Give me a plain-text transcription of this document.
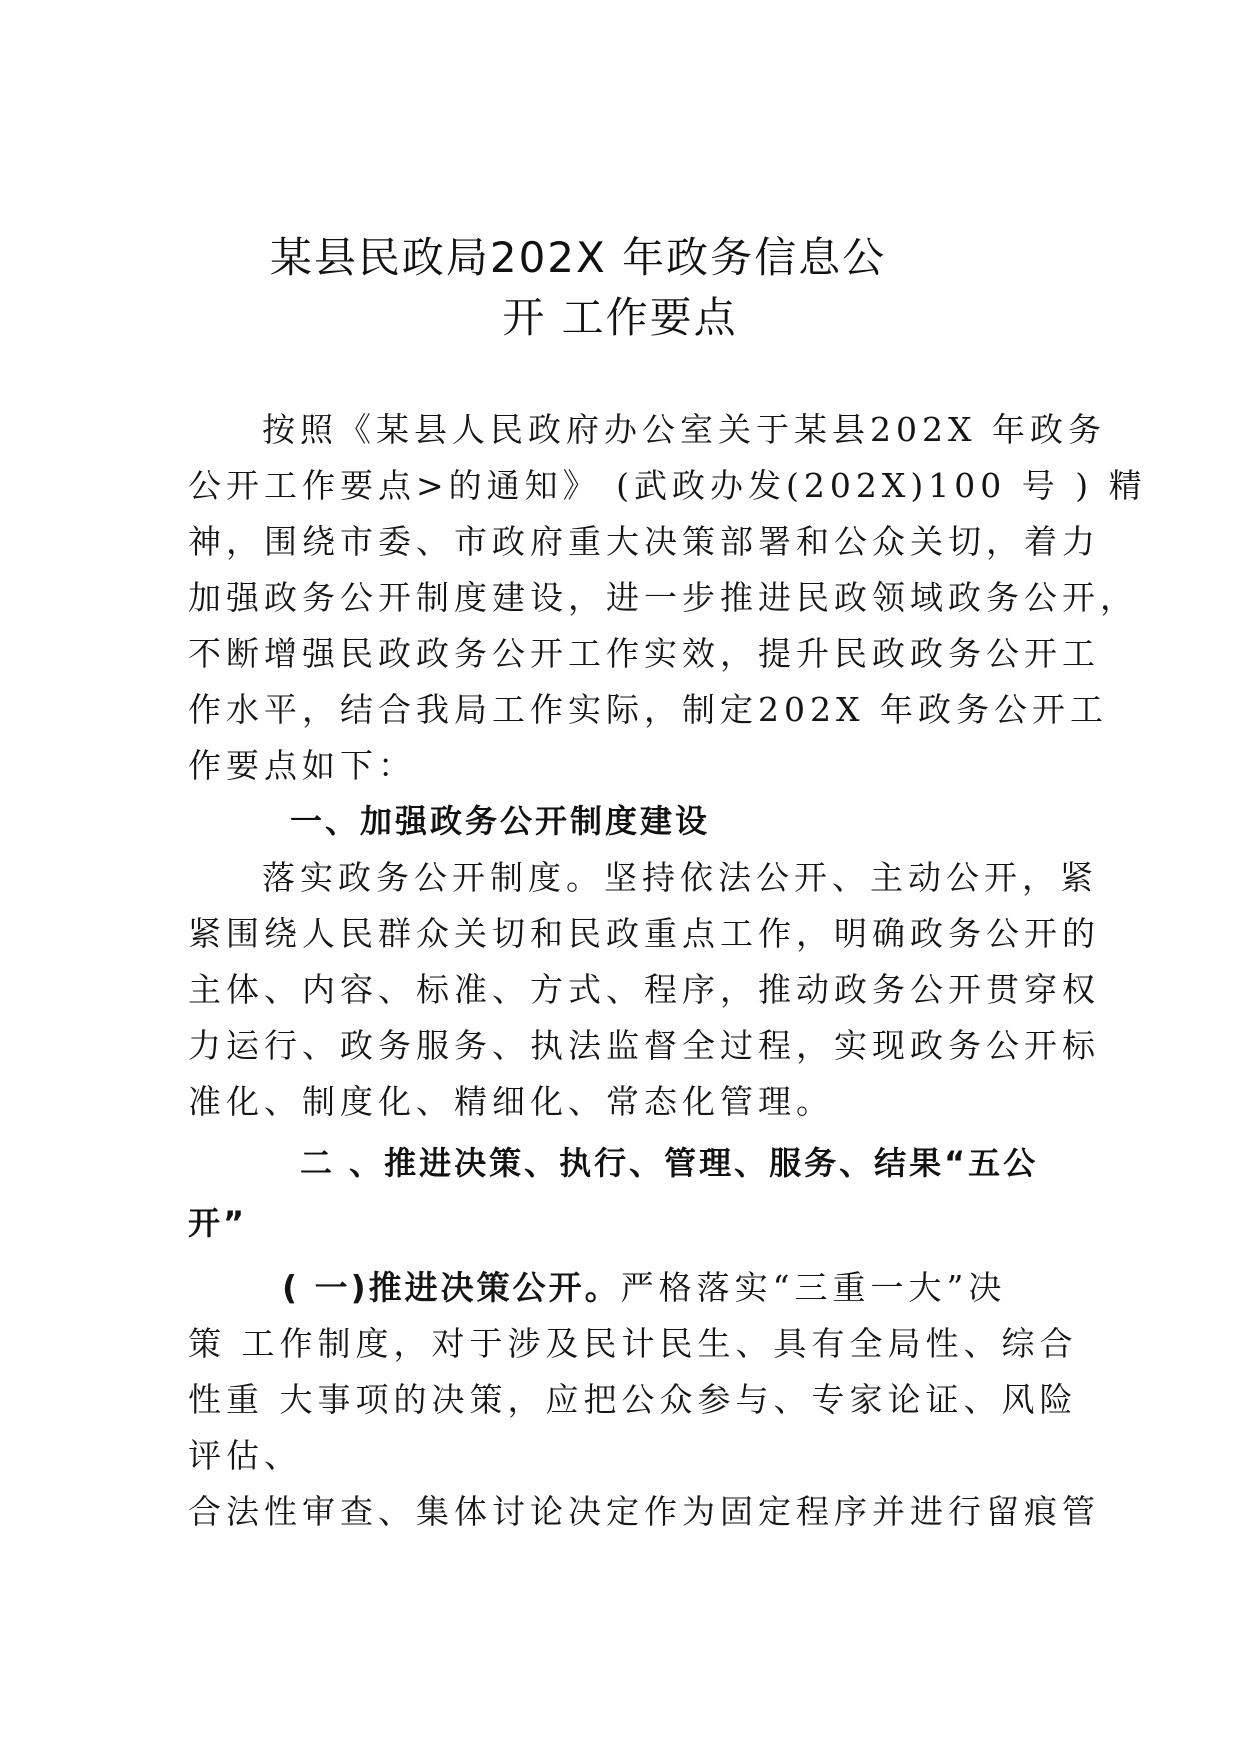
某县民政局202X 年政务信息公
开 工作要点

按照《某县人民政府办公室关于某县202X 年政务

公开工作要点>的通知》 (武政办发(202X)100 号 ) 精

神，围绕市委、市政府重大决策部署和公众关切，着力

加强政务公开制度建设，进一步推进民政领域政务公开，

不断增强民政政务公开工作实效，提升民政政务公开工

作水平，结合我局工作实际，制定202X 年政务公开工

作要点如下：

一、加强政务公开制度建设

落实政务公开制度。坚持依法公开、主动公开，紧

紧围绕人民群众关切和民政重点工作，明确政务公开的

主体、内容、标准、方式、程序，推动政务公开贯穿权

力运行、政务服务、执法监督全过程，实现政务公开标

准化、制度化、精细化、常态化管理。

二 、推进决策、执行、管理、服务、结果“五公
开”

( 一)推进决策公开。严格落实“三重一大”决

策 工作制度，对于涉及民计民生、具有全局性、综合

性重 大事项的决策，应把公众参与、专家论证、风险

评估、

合法性审查、集体讨论决定作为固定程序并进行留痕管
